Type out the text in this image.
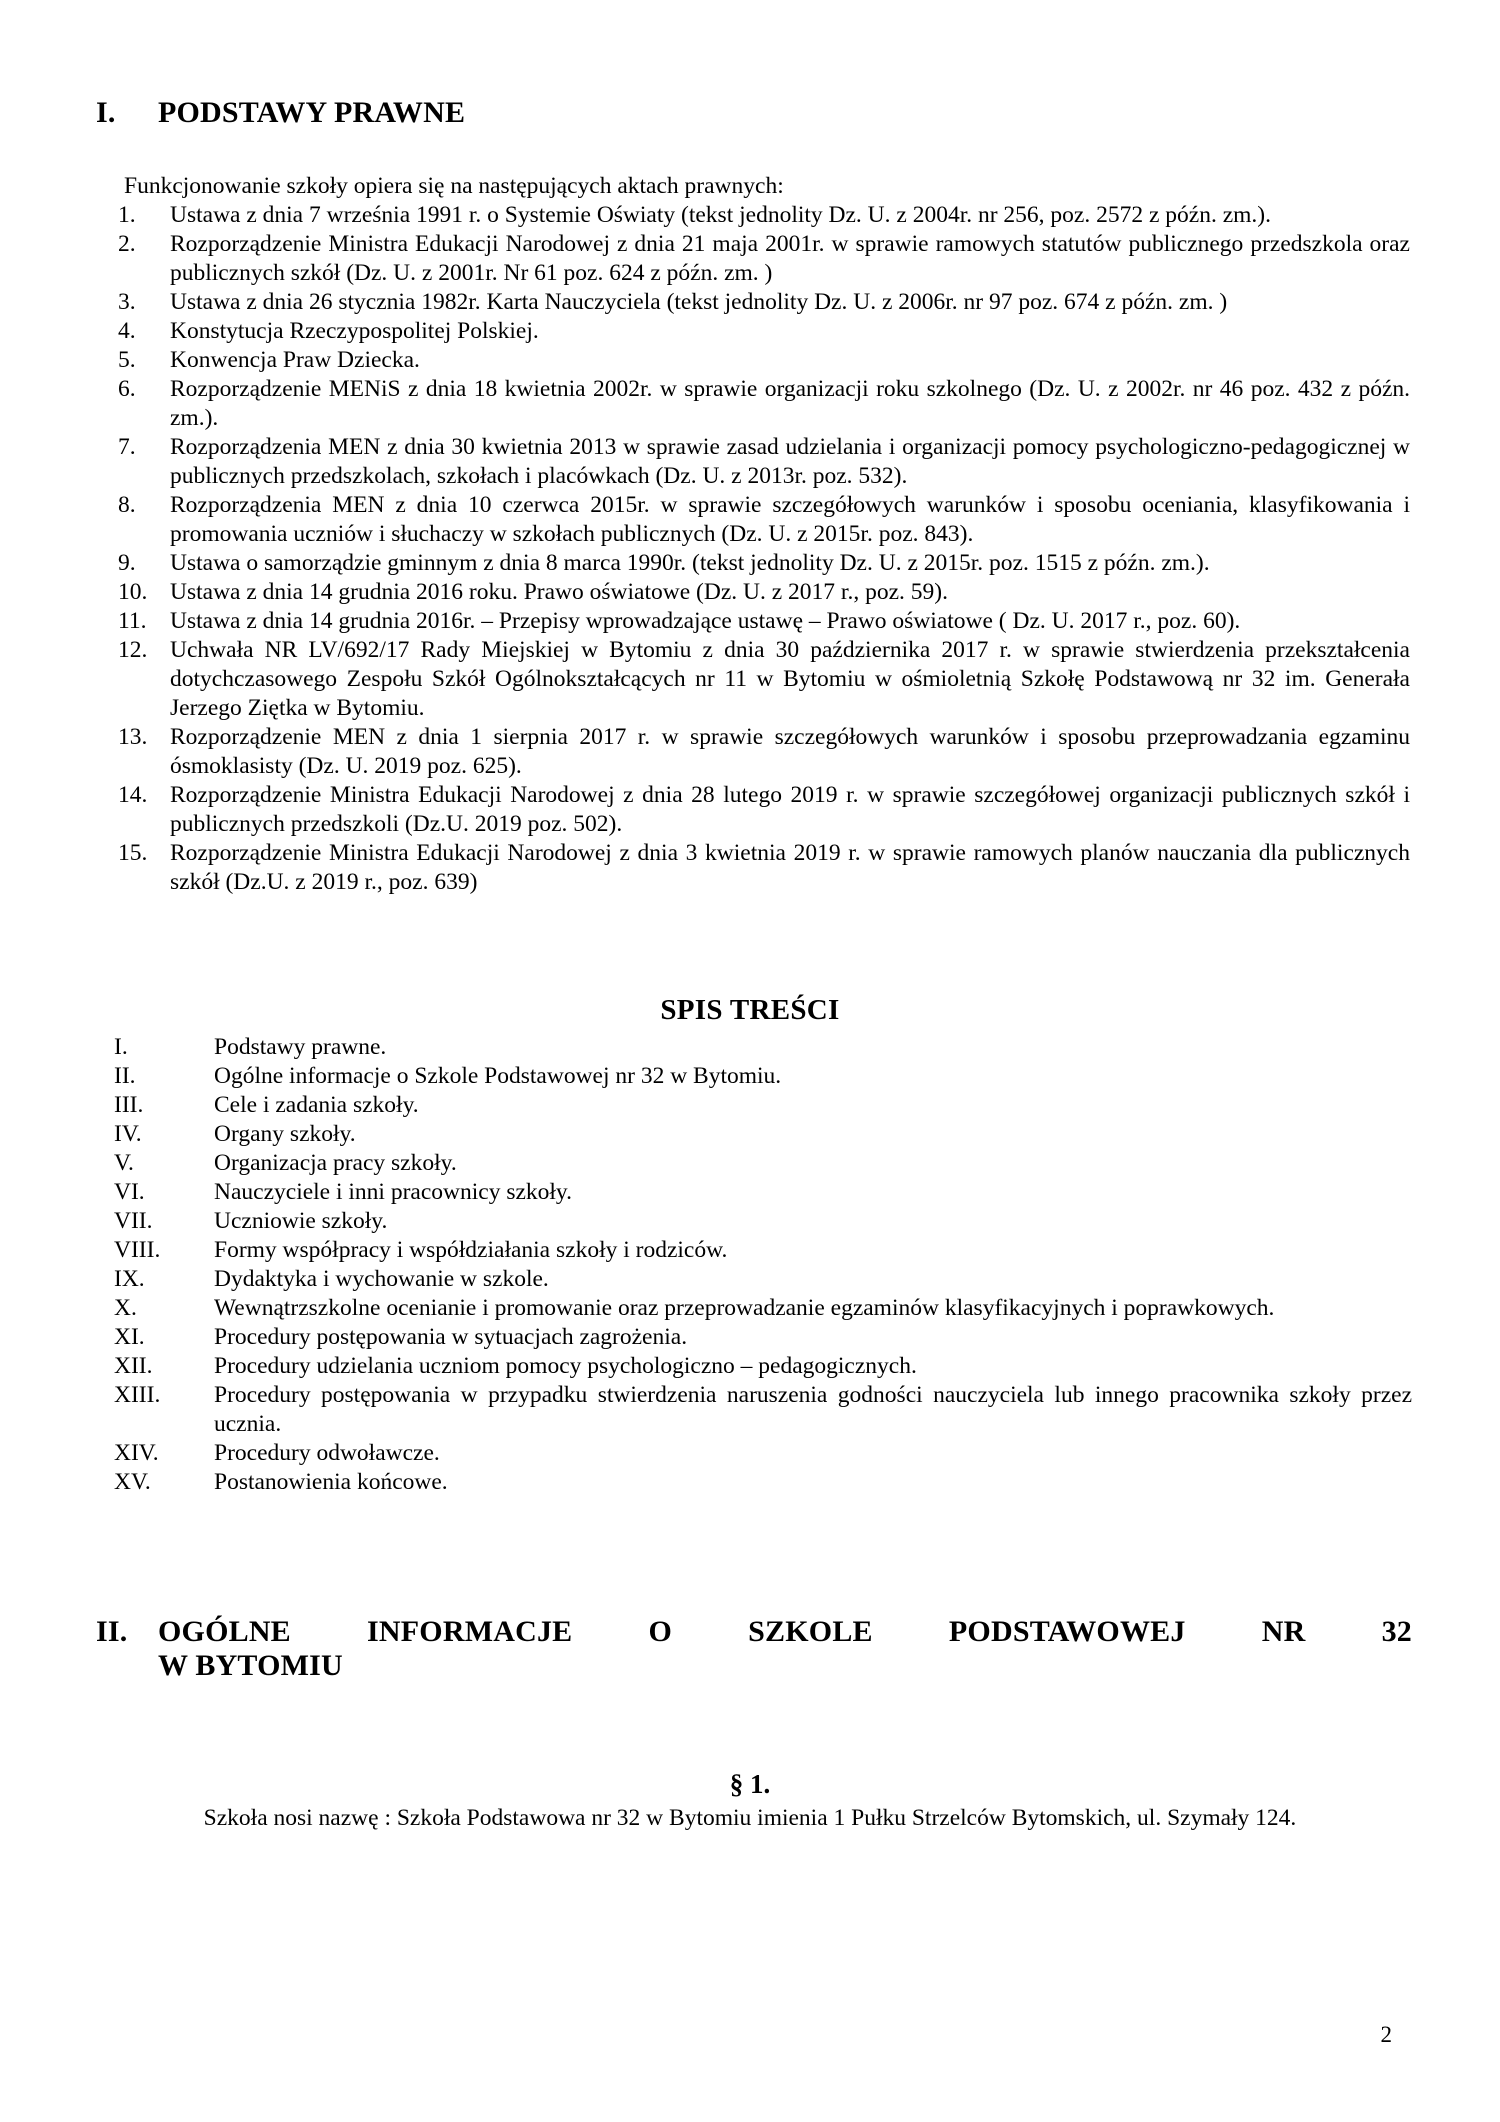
I.	PODSTAWY PRAWNE

Funkcjonowanie szkoły opiera się na następujących aktach prawnych:

1.	Ustawa z dnia 7 września 1991 r. o Systemie Oświaty (tekst jednolity Dz. U. z 2004r. nr 256, poz. 2572 z późn. zm.).
2.	Rozporządzenie Ministra Edukacji Narodowej z dnia 21 maja 2001r. w sprawie ramowych statutów publicznego przedszkola oraz publicznych szkół (Dz. U. z 2001r. Nr 61 poz. 624 z późn. zm. )
3.	Ustawa z dnia 26 stycznia 1982r. Karta Nauczyciela (tekst jednolity Dz. U. z 2006r. nr 97 poz. 674 z późn. zm. )
4.	Konstytucja Rzeczypospolitej Polskiej.
5.	Konwencja Praw Dziecka.
6.	Rozporządzenie MENiS z dnia 18 kwietnia 2002r. w sprawie organizacji roku szkolnego (Dz. U. z 2002r. nr 46 poz. 432 z późn. zm.).
7.	Rozporządzenia MEN z dnia 30 kwietnia 2013 w sprawie zasad udzielania i organizacji pomocy psychologiczno-pedagogicznej w publicznych przedszkolach, szkołach i placówkach (Dz. U. z 2013r. poz. 532).
8.	Rozporządzenia MEN z dnia 10 czerwca 2015r. w sprawie szczegółowych warunków i sposobu oceniania, klasyfikowania i promowania uczniów i słuchaczy w szkołach publicznych (Dz. U. z 2015r. poz. 843).
9.	Ustawa o samorządzie gminnym z dnia 8 marca 1990r. (tekst jednolity Dz. U. z 2015r. poz. 1515 z późn. zm.).
10. Ustawa z dnia 14 grudnia 2016 roku. Prawo oświatowe (Dz. U. z 2017 r., poz. 59).
11. Ustawa z dnia 14 grudnia 2016r. – Przepisy wprowadzające ustawę – Prawo oświatowe ( Dz. U. 2017 r., poz. 60).
12. Uchwała NR LV/692/17 Rady Miejskiej w Bytomiu z dnia 30 października 2017 r. w sprawie stwierdzenia przekształcenia dotychczasowego Zespołu Szkół Ogólnokształcących nr 11 w Bytomiu w ośmioletnią Szkołę Podstawową nr 32 im. Generała Jerzego Ziętka w Bytomiu.
13. Rozporządzenie MEN z dnia 1 sierpnia 2017 r. w sprawie szczegółowych warunków i sposobu przeprowadzania egzaminu ósmoklasisty (Dz. U. 2019 poz. 625).
14. Rozporządzenie Ministra Edukacji Narodowej z dnia 28 lutego 2019 r. w sprawie szczegółowej organizacji publicznych szkół i publicznych przedszkoli (Dz.U. 2019 poz. 502).
15. Rozporządzenie Ministra Edukacji Narodowej z dnia 3 kwietnia 2019 r. w sprawie ramowych planów nauczania dla publicznych szkół (Dz.U. z 2019 r., poz. 639)
SPIS TREŚCI
I.	Podstawy prawne.
II.	Ogólne informacje o Szkole Podstawowej nr 32 w Bytomiu.
III.	Cele i zadania szkoły.
IV.	Organy szkoły.
V.	Organizacja pracy szkoły.
VI.	Nauczyciele i inni pracownicy szkoły.
VII.	Uczniowie szkoły.
VIII.	Formy współpracy i współdziałania szkoły i rodziców.
IX.	Dydaktyka i wychowanie w szkole.
X.	Wewnątrzszkolne ocenianie i promowanie oraz przeprowadzanie egzaminów klasyfikacyjnych i poprawkowych.
XI.	Procedury postępowania w sytuacjach zagrożenia.
XII.	Procedury udzielania uczniom pomocy psychologiczno – pedagogicznych.
XIII.	Procedury postępowania w przypadku stwierdzenia naruszenia godności nauczyciela lub innego pracownika szkoły przez ucznia.
XIV.	Procedury odwoławcze.
XV.	Postanowienia końcowe.
II.	OGÓLNE INFORMACJE O SZKOLE PODSTAWOWEJ NR 32
W BYTOMIU
§ 1.
Szkoła nosi nazwę : Szkoła Podstawowa nr 32 w Bytomiu imienia 1 Pułku Strzelców Bytomskich, ul. Szymały 124.
2
